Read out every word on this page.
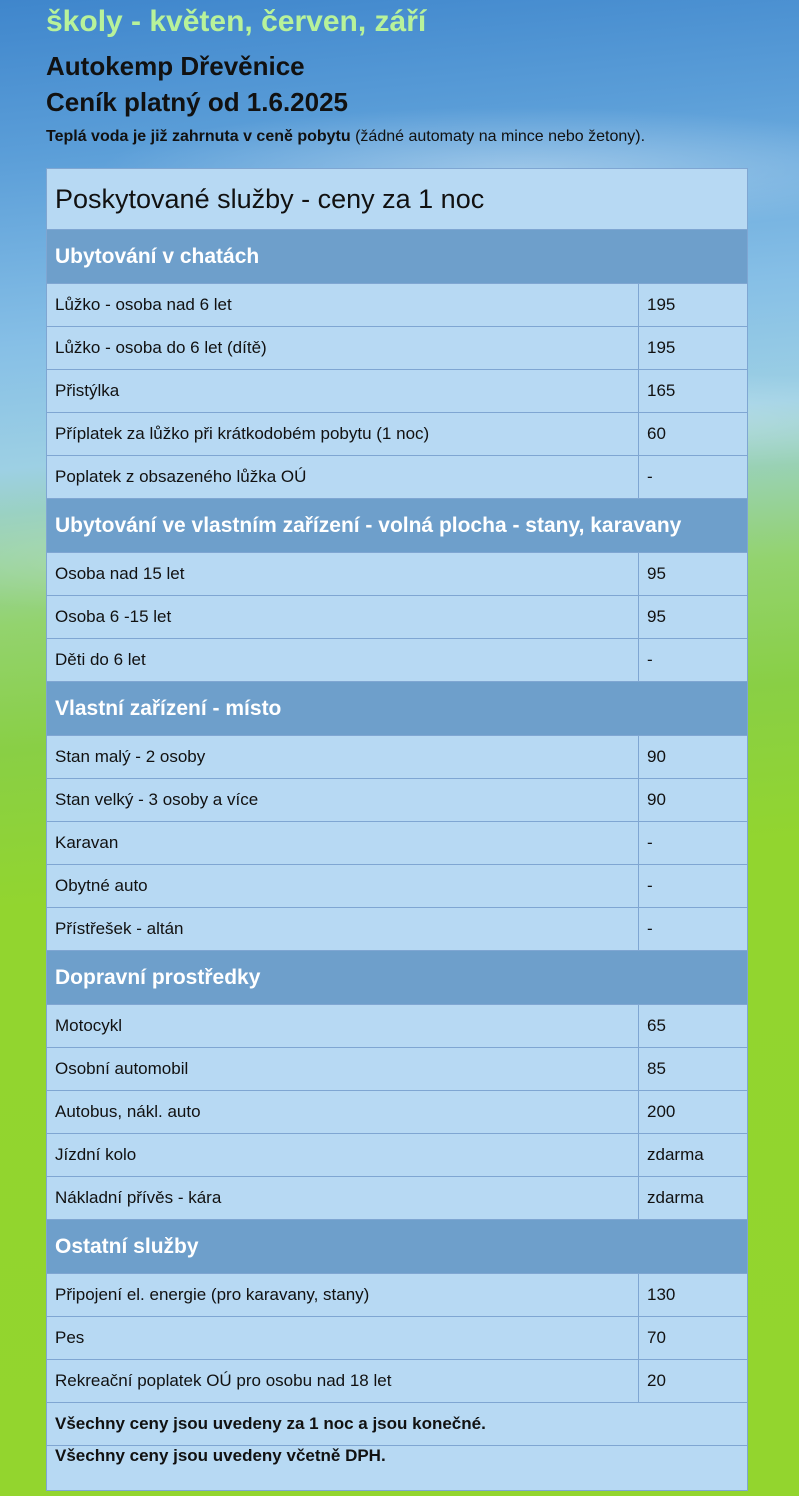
školy - květen, červen, září
Autokemp Dřevěnice
Ceník platný od 1.6.2025

Teplá voda je již zahrnuta v ceně pobytu (žádné automaty na mince nebo žetony).

Poskytované služby - ceny za 1 noc	
Ubytování v chatách	
Lůžko - osoba nad 6 let	195
Lůžko - osoba do 6 let (dítě)	195
Přistýlka	165
Příplatek za lůžko při krátkodobém pobytu (1 noc)	60
Poplatek z obsazeného lůžka OÚ	-
Ubytování ve vlastním zařízení - volná plocha - stany, karavany	
Osoba nad 15 let	95
Osoba 6 -15 let	95
Děti do 6 let	-
Vlastní zařízení - místo	
Stan malý - 2 osoby	90
Stan velký - 3 osoby a více	90
Karavan	-
Obytné auto	-
Přístřešek - altán	-
Dopravní prostředky	
Motocykl	65
Osobní automobil	85
Autobus, nákl. auto	200
Jízdní kolo	zdarma
Nákladní přívěs - kára	zdarma
Ostatní služby	
Připojení el. energie (pro karavany, stany)	130
Pes	70
Rekreační poplatek OÚ pro osobu nad 18 let	20
Všechny ceny jsou uvedeny za 1 noc a jsou konečné.	
Všechny ceny jsou uvedeny včetně DPH.	
